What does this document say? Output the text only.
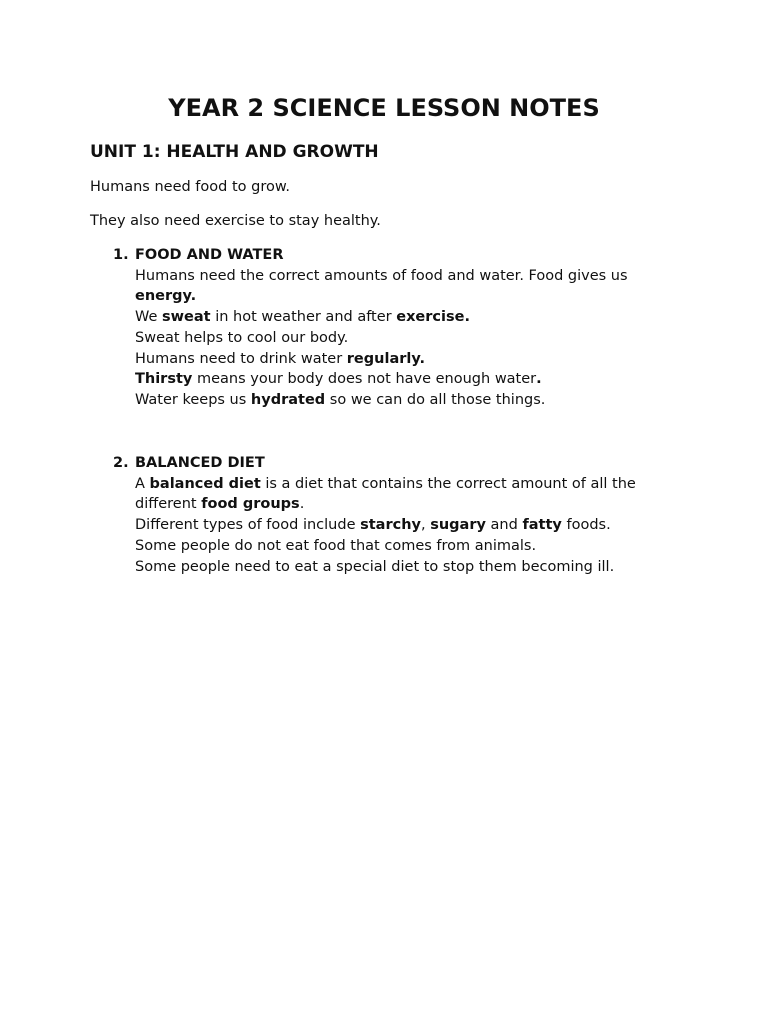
YEAR 2 SCIENCE LESSON NOTES
UNIT 1: HEALTH AND GROWTH

Humans need food to grow.

They also need exercise to stay healthy.

1. FOOD AND WATER
Humans need the correct amounts of food and water. Food gives us
energy.
We sweat in hot weather and after exercise.
Sweat helps to cool our body.
Humans need to drink water regularly.
Thirsty means your body does not have enough water.
Water keeps us hydrated so we can do all those things.
2. BALANCED DIET
A balanced diet is a diet that contains the correct amount of all the
different food groups.
Different types of food include starchy, sugary and fatty foods.
Some people do not eat food that comes from animals.
Some people need to eat a special diet to stop them becoming ill.
